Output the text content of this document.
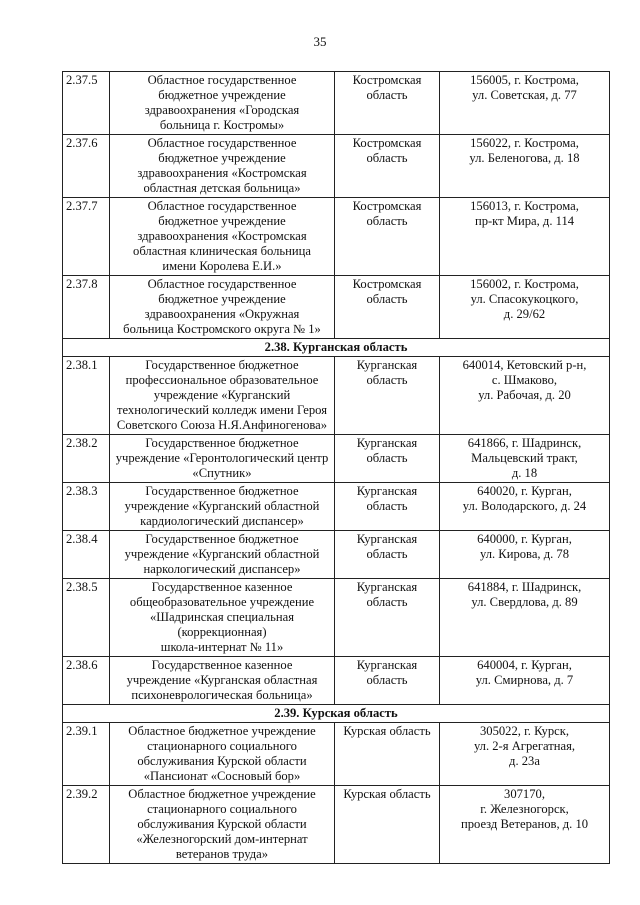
35
2.37.5	Областное государственное
бюджетное учреждение
здравоохранения «Городская
больница г. Костромы»	Костромская
область	156005, г. Кострома,
ул. Советская, д. 77

2.37.6	Областное государственное
бюджетное учреждение
здравоохранения «Костромская
областная детская больница»	Костромская
область	156022, г. Кострома,
ул. Беленогова, д. 18

2.37.7	Областное государственное
бюджетное учреждение
здравоохранения «Костромская
областная клиническая больница
имени Королева Е.И.»	Костромская
область	156013, г. Кострома,
пр-кт Мира, д. 114

2.37.8	Областное государственное
бюджетное учреждение
здравоохранения «Окружная
больница Костромского округа № 1»	Костромская
область	156002, г. Кострома,
ул. Спасокукоцкого,
д. 29/62

2.38. Курганская область			

2.38.1	Государственное бюджетное
профессиональное образовательное
учреждение «Курганский
технологический колледж имени Героя
Советского Союза Н.Я.Анфиногенова»	Курганская
область	640014, Кетовский р-н,
с. Шмаково,
ул. Рабочая, д. 20

2.38.2	Государственное бюджетное
учреждение «Геронтологический центр
«Спутник»	Курганская
область	641866, г. Шадринск,
Мальцевский тракт,
д. 18

2.38.3	Государственное бюджетное
учреждение «Курганский областной
кардиологический диспансер»	Курганская
область	640020, г. Курган,
ул. Володарского, д. 24

2.38.4	Государственное бюджетное
учреждение «Курганский областной
наркологический диспансер»	Курганская
область	640000, г. Курган,
ул. Кирова, д. 78

2.38.5	Государственное казенное
общеобразовательное учреждение
«Шадринская специальная
(коррекционная)
школа-интернат № 11»	Курганская
область	641884, г. Шадринск,
ул. Свердлова, д. 89

2.38.6	Государственное казенное
учреждение «Курганская областная
психоневрологическая больница»	Курганская
область	640004, г. Курган,
ул. Смирнова, д. 7

2.39. Курская область			

2.39.1	Областное бюджетное учреждение
стационарного социального
обслуживания Курской области
«Пансионат «Сосновый бор»	Курская область	305022, г. Курск,
ул. 2-я Агрегатная,
д. 23а

2.39.2	Областное бюджетное учреждение
стационарного социального
обслуживания Курской области
«Железногорский дом-интернат
ветеранов труда»	Курская область	307170,
г. Железногорск,
проезд Ветеранов, д. 10
